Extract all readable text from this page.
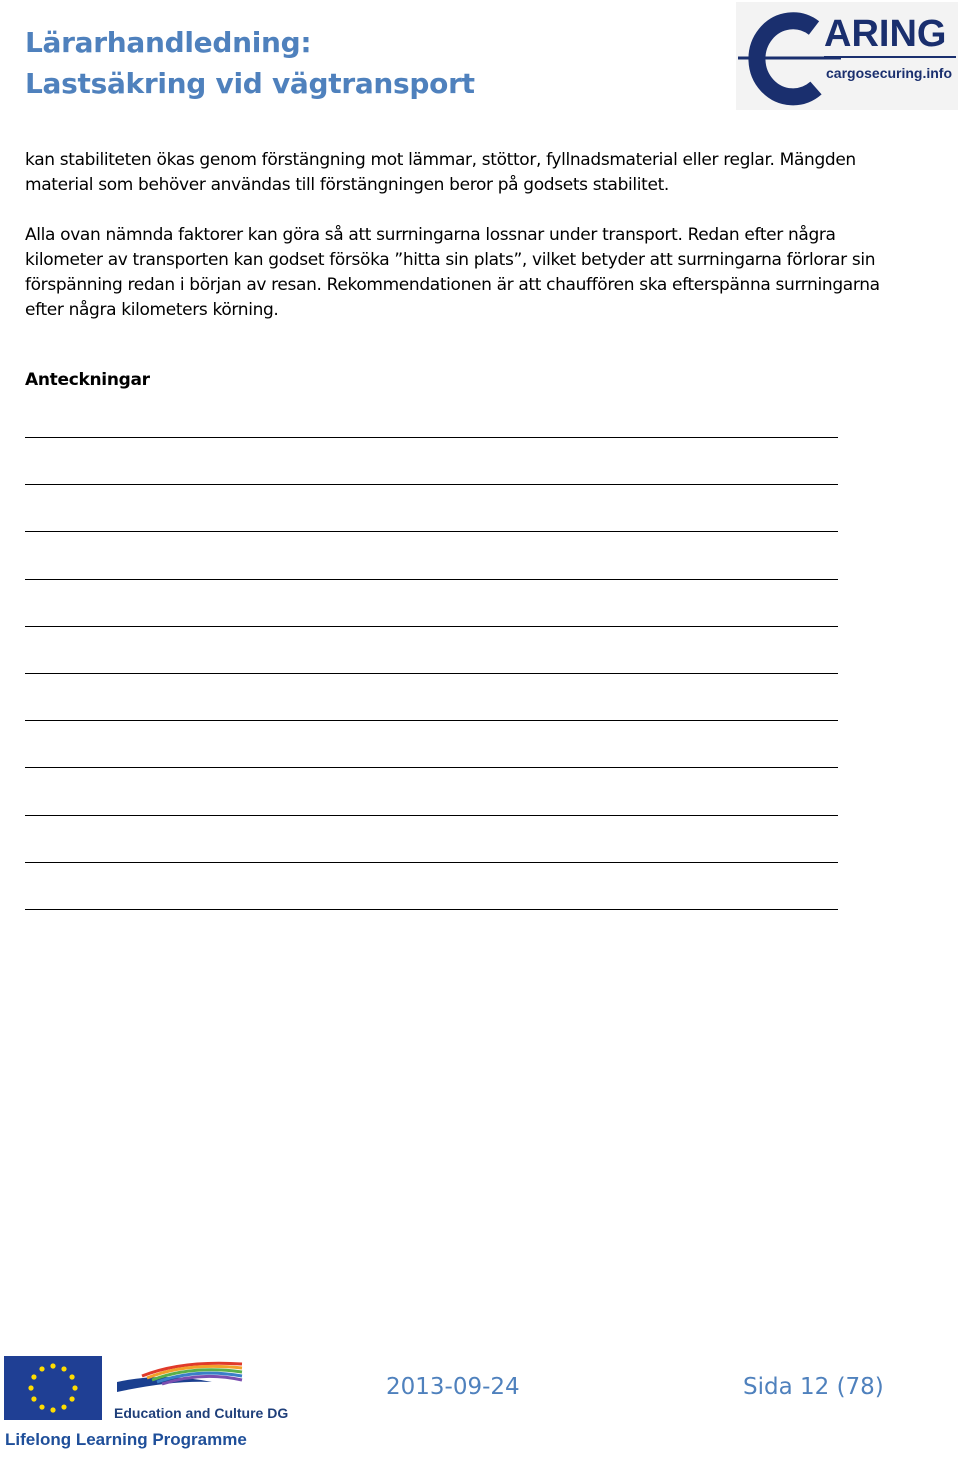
Lärarhandledning:
Lastsäkring vid vägtransport
ARING
cargosecuring.info
kan stabiliteten ökas genom förstängning mot lämmar, stöttor, fyllnadsmaterial eller reglar. Mängden material som behöver användas till förstängningen beror på godsets stabilitet.
Alla ovan nämnda faktorer kan göra så att surrningarna lossnar under transport. Redan efter några kilometer av transporten kan godset försöka ”hitta sin plats”, vilket betyder att surrningarna förlorar sin förspänning redan i början av resan. Rekommendationen är att chauffören ska efterspänna surrningarna efter några kilometers körning.
Anteckningar
Education and Culture DG
Lifelong Learning Programme
2013-09-24	Sida 12 (78)
